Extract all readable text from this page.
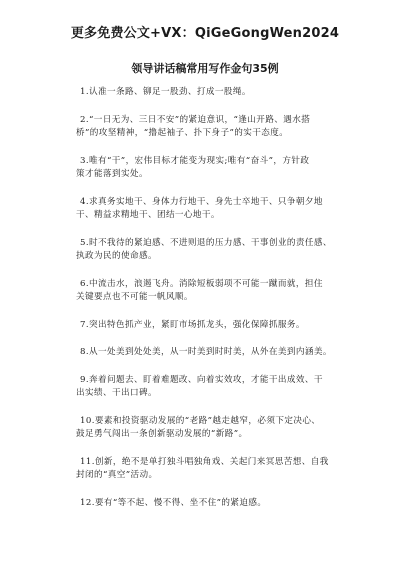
更多免费公文+VX：QiGeGongWen2024
领导讲话稿常用写作金句35例
1.认准一条路、铆足一股劲、打成一股绳。
2.“一日无为、三日不安”的紧迫意识，“逢山开路、遇水搭
桥”的攻坚精神，“撸起袖子、扑下身子”的实干态度。
3.唯有“干”，宏伟目标才能变为现实;唯有“奋斗”，方针政
策才能落到实处。
4.求真务实地干、身体力行地干、身先士卒地干、只争朝夕地
干、精益求精地干、团结一心地干。
5.时不我待的紧迫感、不进则退的压力感、干事创业的责任感、
执政为民的使命感。
6.中流击水，浪遏飞舟。消除短板弱项不可能一蹴而就，担住
关键要点也不可能一帆风顺。
7.突出特色抓产业，紧盯市场抓龙头，强化保障抓服务。
8.从一处美到处处美，从一时美到时时美，从外在美到内涵美。
9.奔着问题去、盯着难题改、向着实效攻，才能干出成效、干
出实绩、干出口碑。
10.要素和投资驱动发展的“老路”越走越窄，必须下定决心、
鼓足勇气闯出一条创新驱动发展的“新路”。
11.创新，绝不是单打独斗唱独角戏、关起门来冥思苦想、自我
封闭的“真空”活动。
12.要有“等不起、慢不得、坐不住”的紧迫感。
